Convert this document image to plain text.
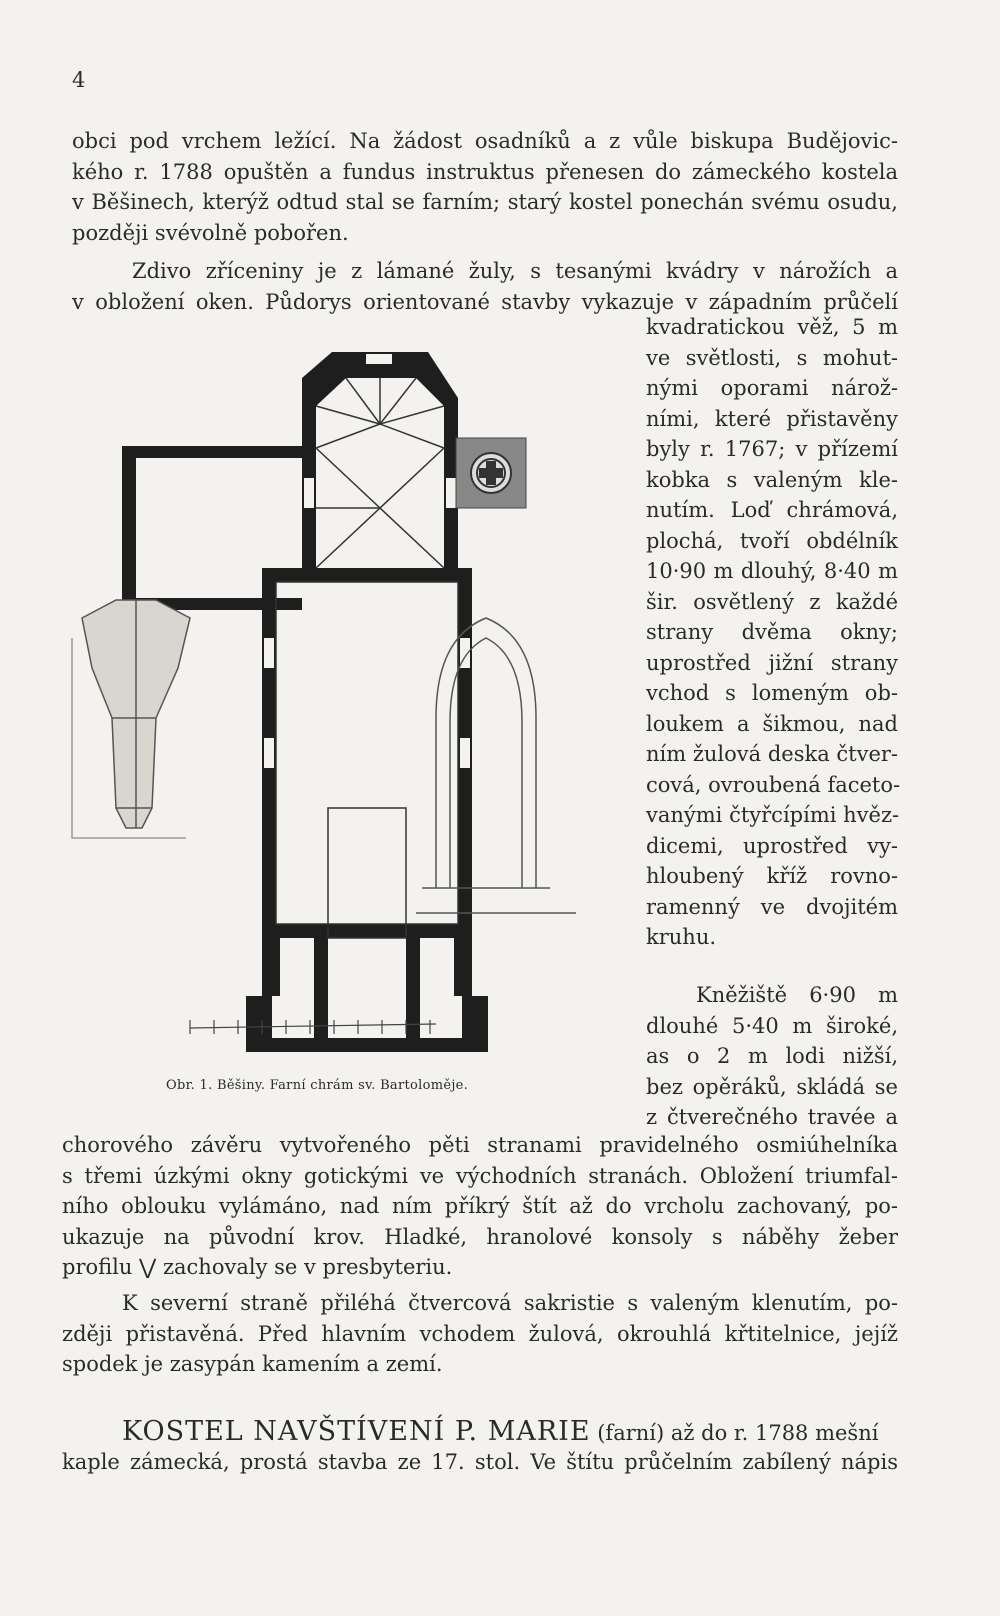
4
obci pod vrchem ležící. Na žádost osadníků a z vůle biskupa Budějovic-
kého r. 1788 opuštěn a fundus instruktus přenesen do zámeckého kostela
v Běšinech, kterýž odtud stal se farním; starý kostel ponechán svému osudu,
později svévolně pobořen.
Zdivo zříceniny je z lámané žuly, s tesanými kvádry v nárožích a
v obložení oken. Půdorys orientované stavby vykazuje v západním průčelí
kvadratickou věž, 5 m
ve světlosti, s mohut-
nými oporami nárož-
ními, které přistavěny
byly r. 1767; v přízemí
kobka s valeným kle-
nutím. Loď chrámová,
plochá, tvoří obdélník
10·90 m dlouhý, 8·40 m
šir. osvětlený z každé
strany dvěma okny;
uprostřed jižní strany
vchod s lomeným ob-
loukem a šikmou, nad
ním žulová deska čtver-
cová, ovroubená faceto-
vanými čtyřcípími hvěz-
dicemi, uprostřed vy-
hloubený kříž rovno-
ramenný ve dvojitém
kruhu.
Kněžiště 6·90 m
dlouhé 5·40 m široké,
as o 2 m lodi nižší,
bez opěráků, skládá se
z čtverečného travée a
Obr. 1. Běšiny. Farní chrám sv. Bartoloměje.
chorového závěru vytvořeného pěti stranami pravidelného osmiúhelníka
s třemi úzkými okny gotickými ve východních stranách. Obložení triumfal-
ního oblouku vylámáno, nad ním příkrý štít až do vrcholu zachovaný, po-
ukazuje na původní krov. Hladké, hranolové konsoly s náběhy žeber
profilu ⋁ zachovaly se v presbyteriu.
K severní straně přiléhá čtvercová sakristie s valeným klenutím, po-
zději přistavěná. Před hlavním vchodem žulová, okrouhlá křtitelnice, jejíž
spodek je zasypán kamením a zemí.
KOSTEL NAVŠTÍVENÍ P. MARIE (farní) až do r. 1788 mešní
kaple zámecká, prostá stavba ze 17. stol. Ve štítu průčelním zabílený nápis
